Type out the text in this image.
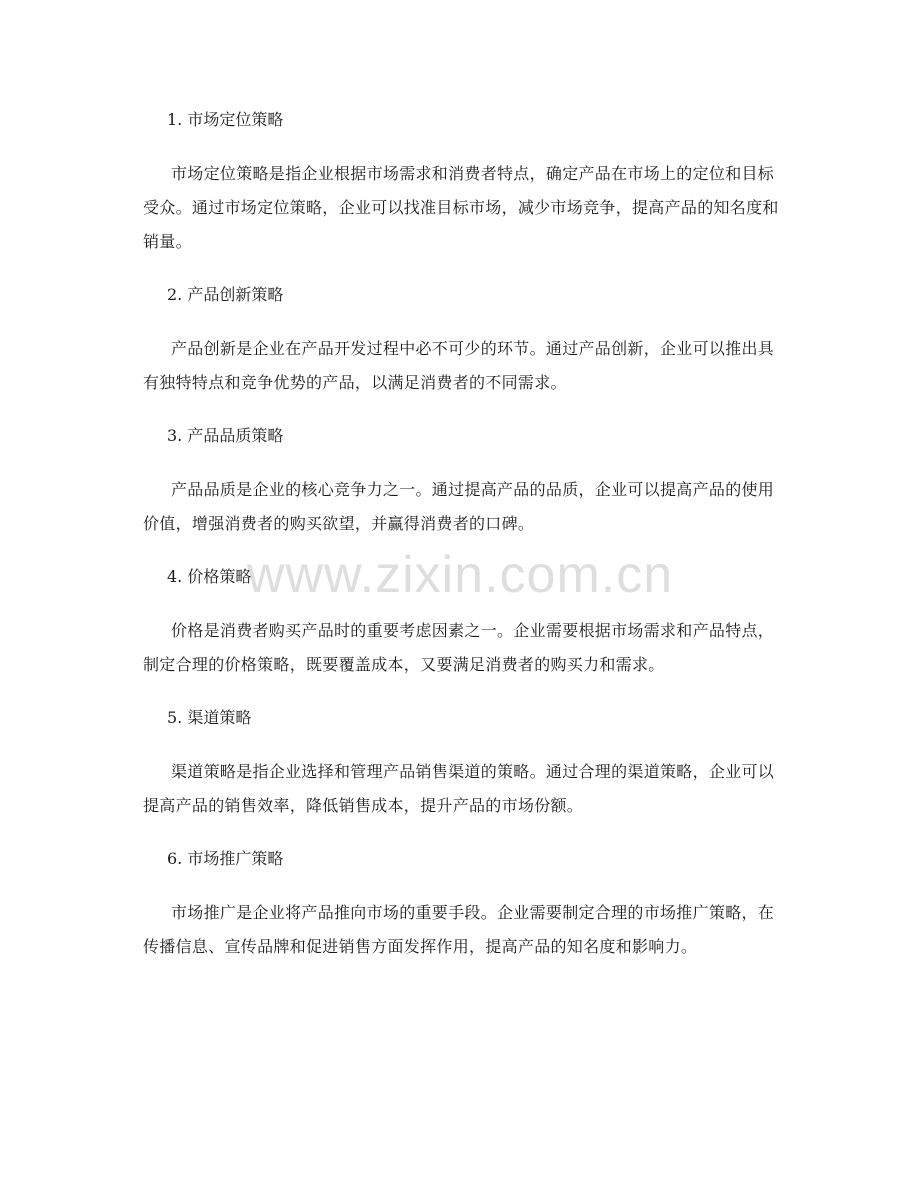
1. 市场定位策略

市场定位策略是指企业根据市场需求和消费者特点，确定产品在市场上的定位和目标受众。通过市场定位策略，企业可以找准目标市场，减少市场竞争，提高产品的知名度和销量。

2. 产品创新策略

产品创新是企业在产品开发过程中必不可少的环节。通过产品创新，企业可以推出具有独特特点和竞争优势的产品，以满足消费者的不同需求。

3. 产品品质策略

产品品质是企业的核心竞争力之一。通过提高产品的品质，企业可以提高产品的使用价值，增强消费者的购买欲望，并赢得消费者的口碑。

4. 价格策略

价格是消费者购买产品时的重要考虑因素之一。企业需要根据市场需求和产品特点，制定合理的价格策略，既要覆盖成本，又要满足消费者的购买力和需求。

5. 渠道策略

渠道策略是指企业选择和管理产品销售渠道的策略。通过合理的渠道策略，企业可以提高产品的销售效率，降低销售成本，提升产品的市场份额。

6. 市场推广策略

市场推广是企业将产品推向市场的重要手段。企业需要制定合理的市场推广策略，在传播信息、宣传品牌和促进销售方面发挥作用，提高产品的知名度和影响力。

www.zixin.com.cn
